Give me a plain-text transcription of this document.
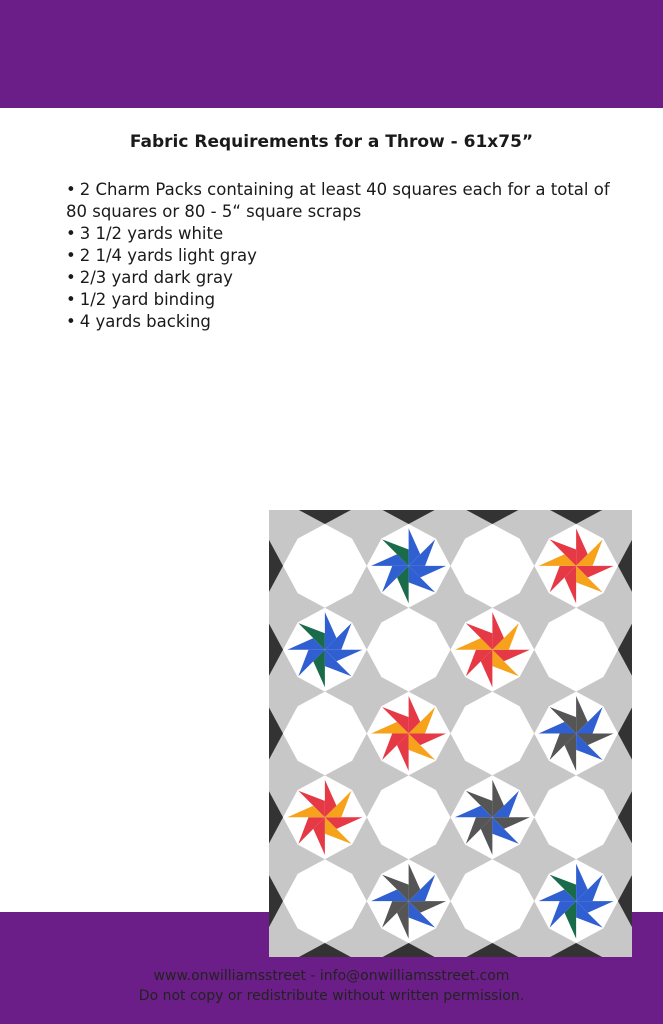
Fabric Requirements for a Throw - 61x75”
• 2 Charm Packs containing at least 40 squares each for a total of 80 squares or 80 - 5“ square scraps
• 3 1/2 yards white
• 2 1/4 yards light gray
• 2/3 yard dark gray
• 1/2 yard binding
• 4 yards backing
www.onwilliamsstreet - info@onwilliamsstreet.com
Do not copy or redistribute without written permission.
